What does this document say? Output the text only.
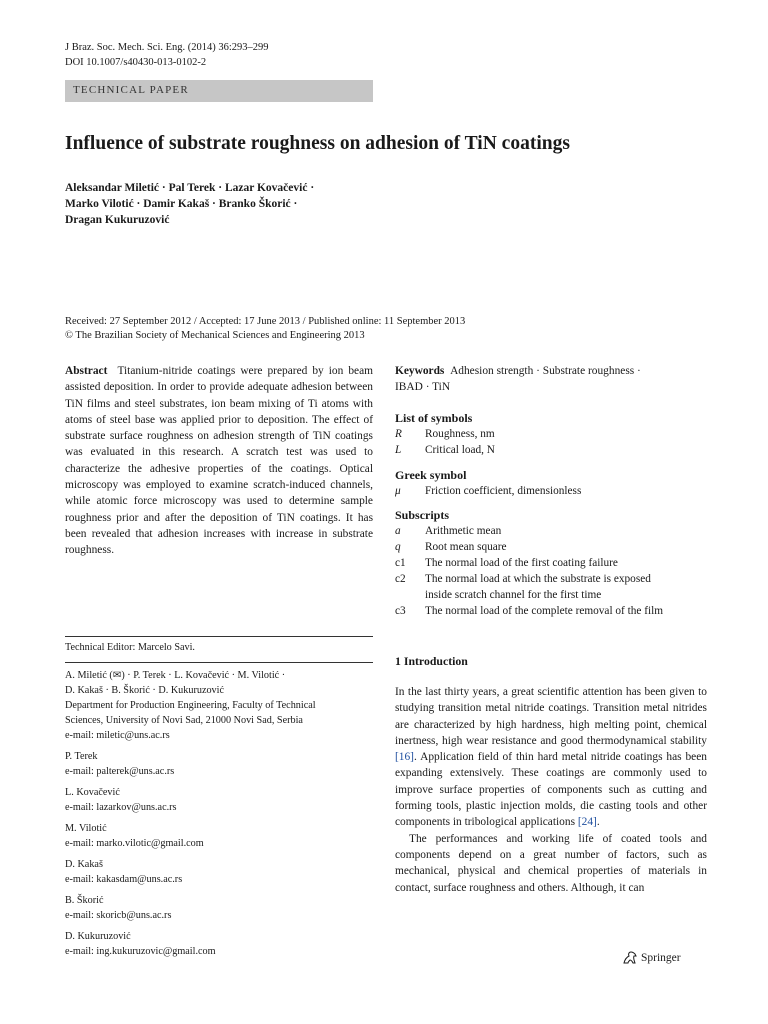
J Braz. Soc. Mech. Sci. Eng. (2014) 36:293–299
DOI 10.1007/s40430-013-0102-2
TECHNICAL PAPER
Influence of substrate roughness on adhesion of TiN coatings
Aleksandar Miletić · Pal Terek · Lazar Kovačević ·
Marko Vilotić · Damir Kakaš · Branko Škorić ·
Dragan Kukuruzović
Received: 27 September 2012 / Accepted: 17 June 2013 / Published online: 11 September 2013
© The Brazilian Society of Mechanical Sciences and Engineering 2013
Abstract Titanium-nitride coatings were prepared by ion beam assisted deposition. In order to provide adequate adhesion between TiN films and steel substrates, ion beam mixing of Ti atoms with atoms of steel base was applied prior to deposition. The effect of substrate surface roughness on adhesion strength of TiN coatings was evaluated in this research. A scratch test was used to characterize the adhesive properties of the coatings. Optical microscopy was employed to examine scratch-induced channels, while atomic force microscopy was used to determine sample roughness prior and after the deposition of TiN coatings. It has been revealed that adhesion increases with increase in substrate roughness.
Technical Editor: Marcelo Savi.
A. Miletić (✉) · P. Terek · L. Kovačević · M. Vilotić ·
D. Kakaš · B. Škorić · D. Kukuruzović
Department for Production Engineering, Faculty of Technical
Sciences, University of Novi Sad, 21000 Novi Sad, Serbia
e-mail: miletic@uns.ac.rs
P. Terek
e-mail: palterek@uns.ac.rs
L. Kovačević
e-mail: lazarkov@uns.ac.rs
M. Vilotić
e-mail: marko.vilotic@gmail.com
D. Kakaš
e-mail: kakasdam@uns.ac.rs
B. Škorić
e-mail: skoricb@uns.ac.rs
D. Kukuruzović
e-mail: ing.kukuruzovic@gmail.com
Keywords Adhesion strength · Substrate roughness ·
IBAD · TiN
List of symbols
R	Roughness, nm
L	Critical load, N
Greek symbol
μ	Friction coefficient, dimensionless
Subscripts
a	Arithmetic mean
q	Root mean square
c1	The normal load of the first coating failure
c2	The normal load at which the substrate is exposed
inside scratch channel for the first time
c3	The normal load of the complete removal of the film
1 Introduction

In the last thirty years, a great scientific attention has been given to studying transition metal nitride coatings. Transition metal nitrides are characterized by high hardness, high melting point, chemical inertness, high wear resistance and good thermodynamical stability [16]. Application field of thin hard metal nitride coatings has been expanding extensively. These coatings are commonly used to improve surface properties of components such as cutting and forming tools, plastic injection molds, die casting tools and other components in tribological applications [24].

The performances and working life of coated tools and components depend on a great number of factors, such as mechanical, physical and chemical properties of materials in contact, surface roughness and others. Although, it can

Springer
